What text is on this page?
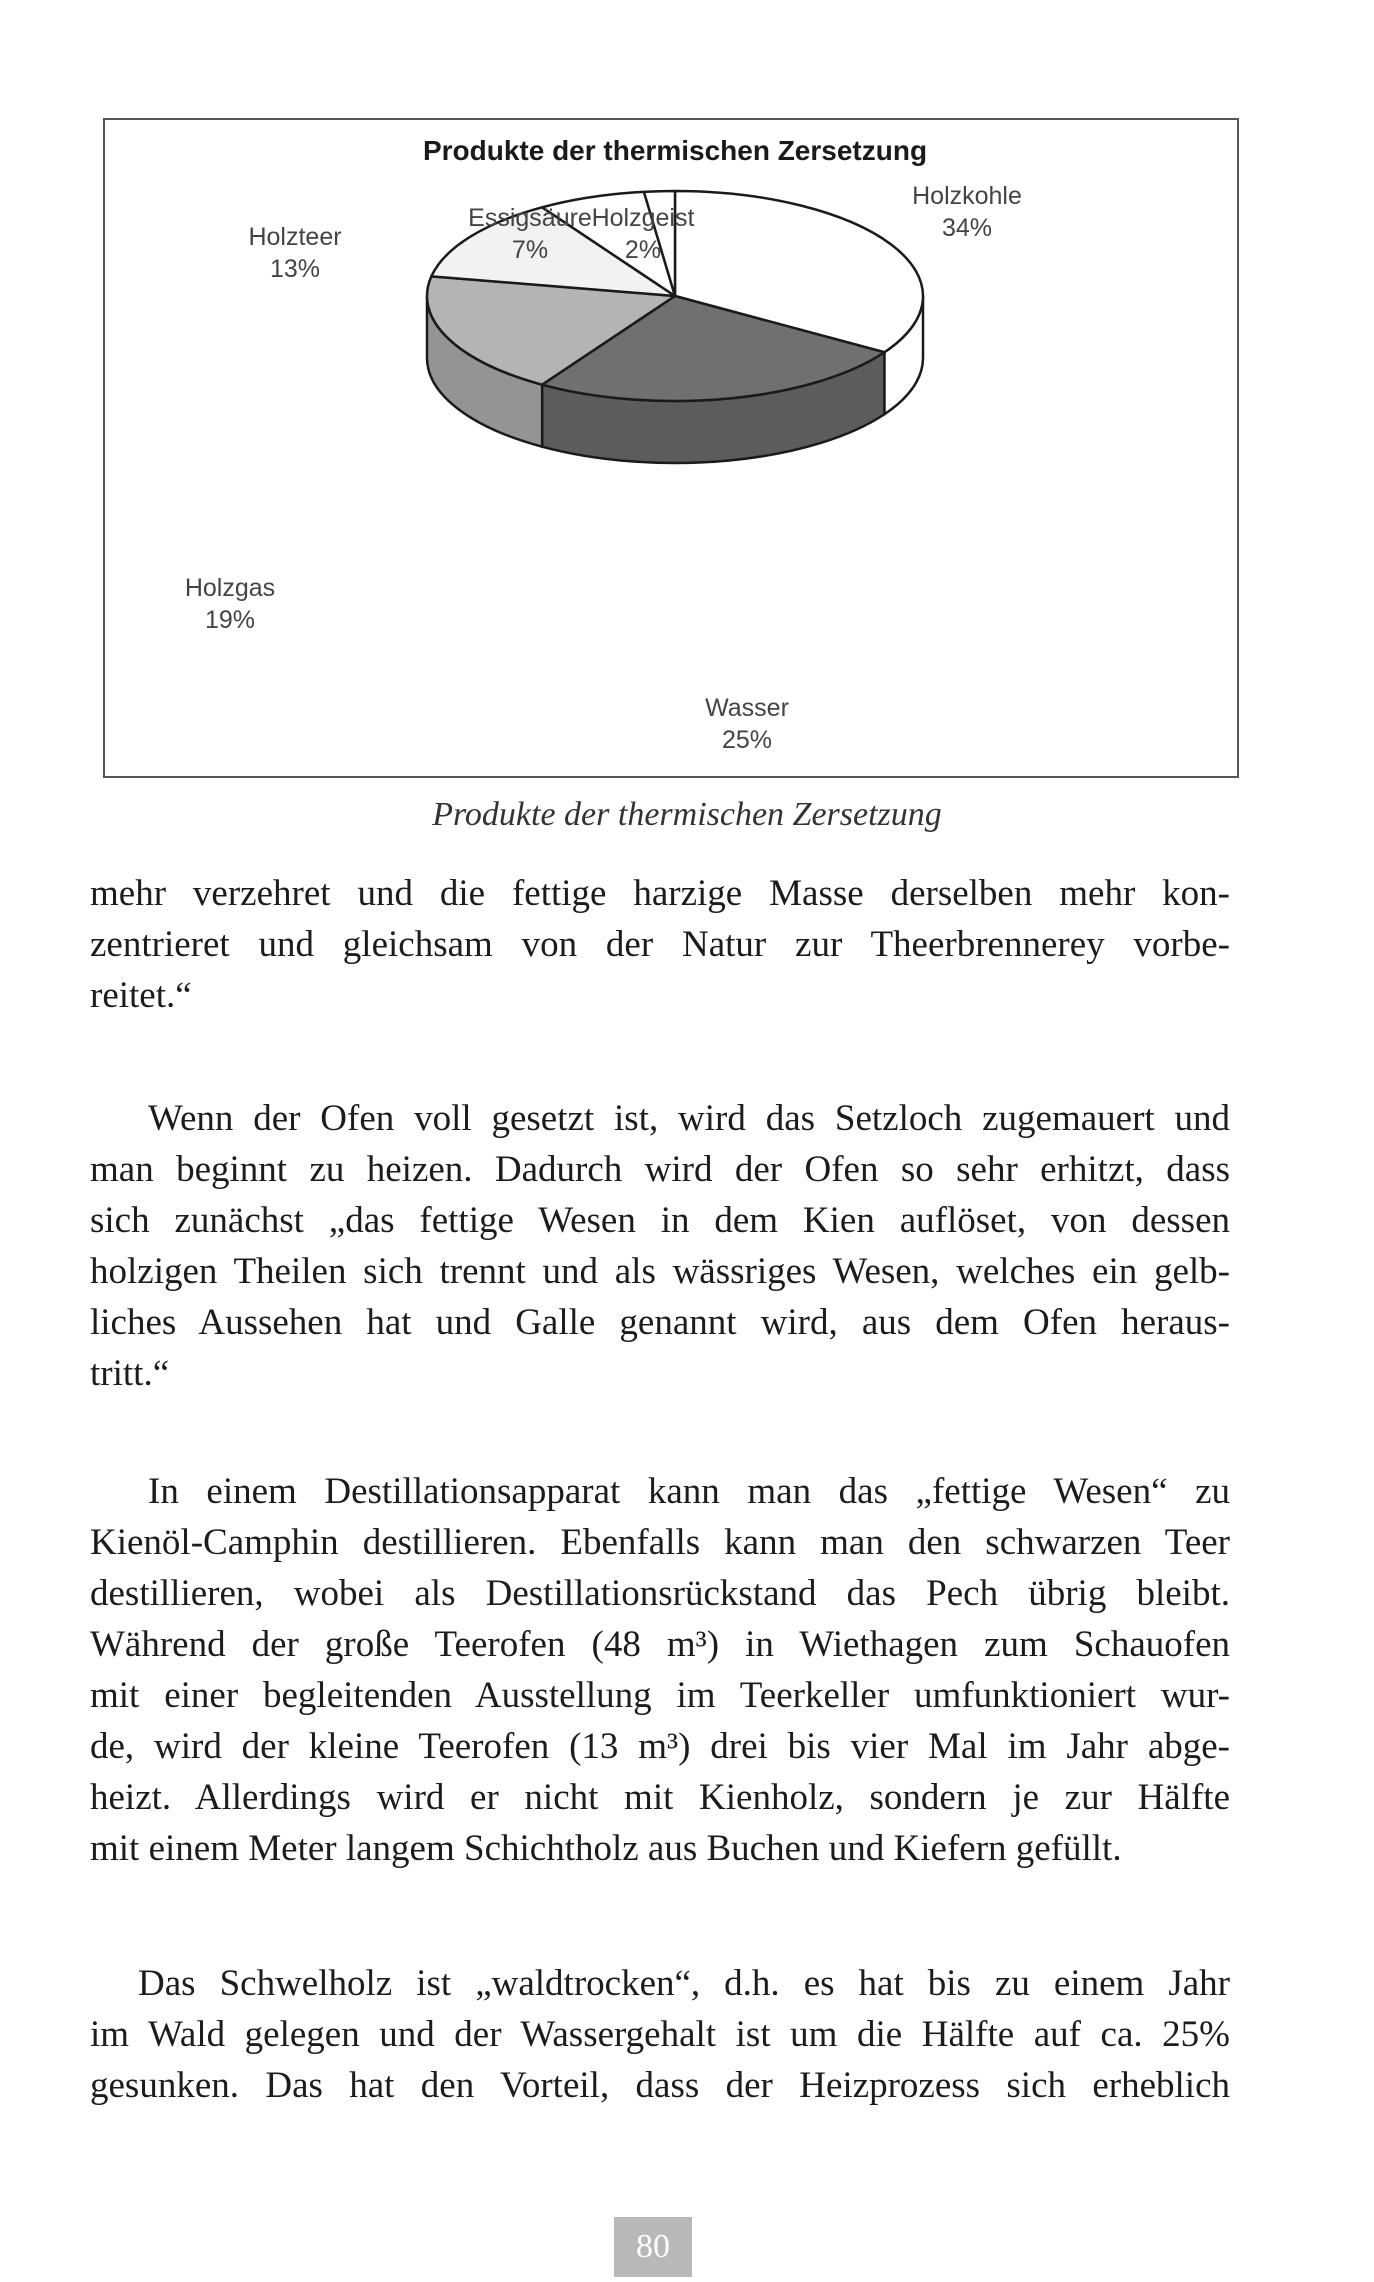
Produkte der thermischen Zersetzung
Holzkohle
34%
Wasser
25%
Holzgas
19%
Holzteer
13%
Essigsäure
7%
Holzgeist
2%
Produkte der thermischen Zersetzung
mehr verzehret und die fettige harzige Masse derselben mehr kon-
zentrieret und gleichsam von der Natur zur Theerbrennerey vorbe-
reitet.“
Wenn der Ofen voll gesetzt ist, wird das Setzloch zugemauert und
man beginnt zu heizen. Dadurch wird der Ofen so sehr erhitzt, dass
sich zunächst „das fettige Wesen in dem Kien auflöset, von dessen
holzigen Theilen sich trennt und als wässriges Wesen, welches ein gelb-
liches Aussehen hat und Galle genannt wird, aus dem Ofen heraus-
tritt.“
In einem Destillationsapparat kann man das „fettige Wesen“ zu
Kienöl-Camphin destillieren. Ebenfalls kann man den schwarzen Teer
destillieren, wobei als Destillationsrückstand das Pech übrig bleibt.
Während der große Teerofen (48 m³) in Wiethagen zum Schauofen
mit einer begleitenden Ausstellung im Teerkeller umfunktioniert wur-
de, wird der kleine Teerofen (13 m³) drei bis vier Mal im Jahr abge-
heizt. Allerdings wird er nicht mit Kienholz, sondern je zur Hälfte
mit einem Meter langem Schichtholz aus Buchen und Kiefern gefüllt.
Das Schwelholz ist „waldtrocken“, d.h. es hat bis zu einem Jahr
im Wald gelegen und der Wassergehalt ist um die Hälfte auf ca. 25%
gesunken. Das hat den Vorteil, dass der Heizprozess sich erheblich
80
